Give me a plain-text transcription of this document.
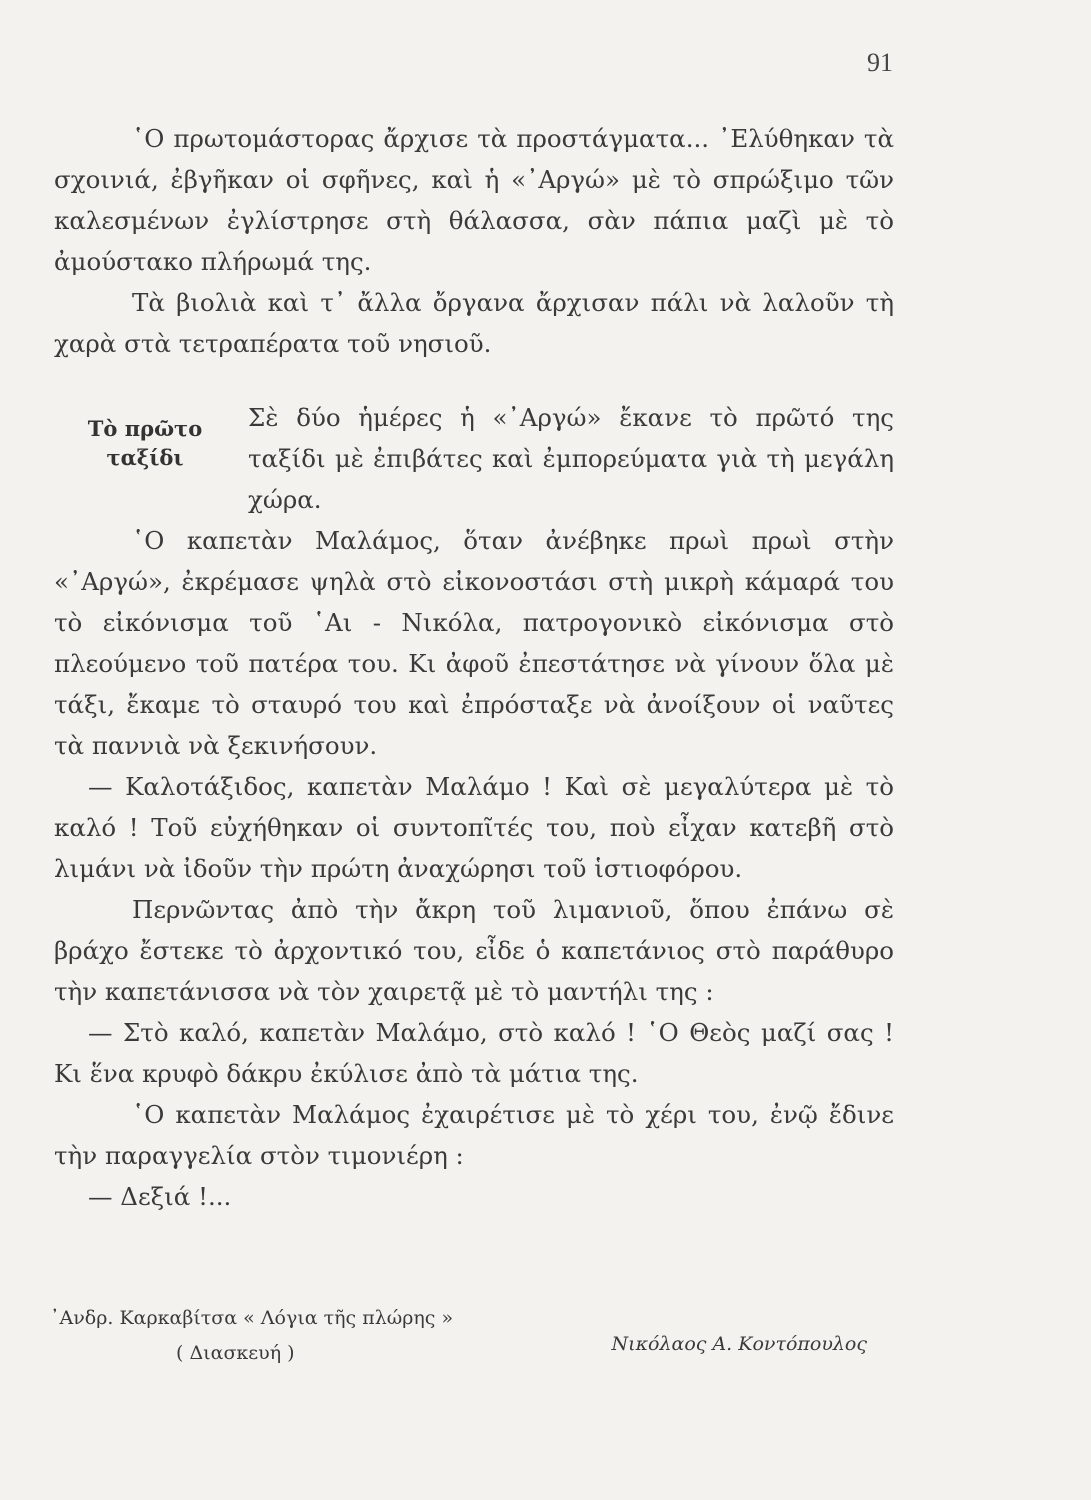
91

῾Ο πρωτομάστορας ἄρχισε τὰ προστάγματα... ᾽Ελύθηκαν τὰ σχοινιά, ἐβγῆκαν οἱ σφῆνες, καὶ ἡ «᾽Αργώ» μὲ τὸ σπρώξιμο τῶν καλεσμένων ἐγλίστρησε στὴ θάλασσα, σὰν πάπια μαζὶ μὲ τὸ ἀμούστακο πλήρωμά της.

Τὰ βιολιὰ καὶ τ᾽ ἄλλα ὄργανα ἄρχισαν πάλι νὰ λαλοῦν τὴ χαρὰ στὰ τετραπέρατα τοῦ νησιοῦ.

Τὸ πρῶτο
ταξίδι

Σὲ δύο ἡμέρες ἡ «᾽Αργώ» ἔκανε τὸ πρῶτό της ταξίδι μὲ ἐπιβάτες καὶ ἐμπορεύματα γιὰ τὴ μεγάλη χώρα.

῾Ο καπετὰν Μαλάμος, ὅταν ἀνέβηκε πρωὶ πρωὶ στὴν «᾽Αργώ», ἐκρέμασε ψηλὰ στὸ εἰκονοστάσι στὴ μικρὴ κάμαρά του τὸ εἰκόνισμα τοῦ ῾Αι - Νικόλα, πατρογονικὸ εἰκόνισμα στὸ πλεούμενο τοῦ πατέρα του. Κι ἀφοῦ ἐπεστάτησε νὰ γίνουν ὅλα μὲ τάξι, ἔκαμε τὸ σταυρό του καὶ ἐπρόσταξε νὰ ἀνοίξουν οἱ ναῦτες τὰ παννιὰ νὰ ξεκινήσουν.

— Καλοτάξιδος, καπετὰν Μαλάμο ! Καὶ σὲ μεγαλύτερα μὲ τὸ καλό ! Τοῦ εὐχήθηκαν οἱ συντοπῖτές του, ποὺ εἶχαν κατεβῆ στὸ λιμάνι νὰ ἰδοῦν τὴν πρώτη ἀναχώρησι τοῦ ἱστιοφόρου.

Περνῶντας ἀπὸ τὴν ἄκρη τοῦ λιμανιοῦ, ὅπου ἐπάνω σὲ βράχο ἔστεκε τὸ ἀρχοντικό του, εἶδε ὁ καπετάνιος στὸ παράθυρο τὴν καπετάνισσα νὰ τὸν χαιρετᾷ μὲ τὸ μαντήλι της :

— Στὸ καλό, καπετὰν Μαλάμο, στὸ καλό ! ῾Ο Θεὸς μαζί σας ! Κι ἕνα κρυφὸ δάκρυ ἐκύλισε ἀπὸ τὰ μάτια της.

῾Ο καπετὰν Μαλάμος ἐχαιρέτισε μὲ τὸ χέρι του, ἐνῷ ἔδινε τὴν παραγγελία στὸν τιμονιέρη :

— Δεξιά !...

᾽Ανδρ. Καρκαβίτσα « Λόγια τῆς πλώρης »
( Διασκευή )	Νικόλαος Α. Κοντόπουλος
